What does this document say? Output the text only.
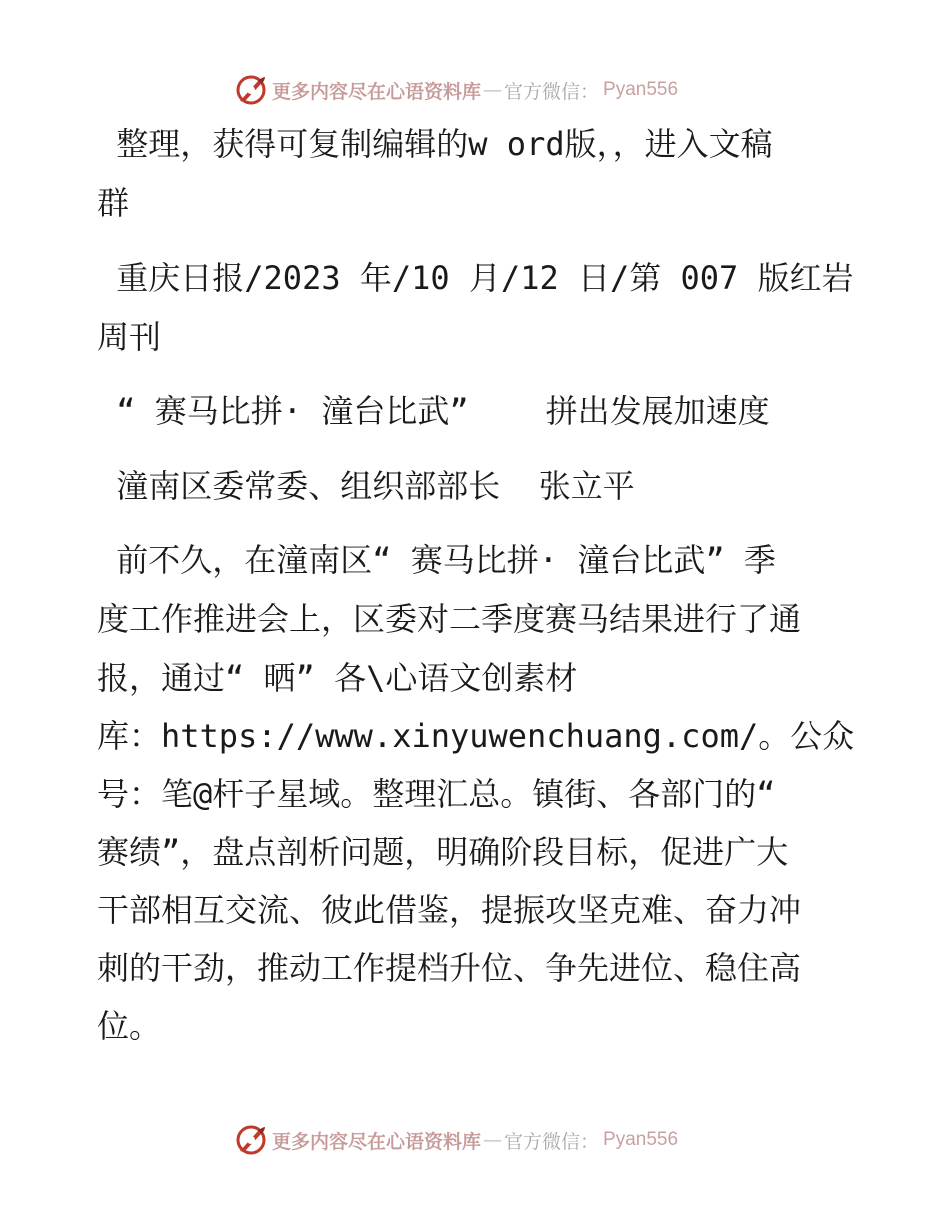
更多内容尽在心语资料库 — 官方微信： Pyan556
整理，获得可复制编辑的w ord版，，进入文稿
群
重庆日报/2023 年/10 月/12 日/第 007 版红岩
周刊
“ 赛马比拼· 潼台比武”    拼出发展加速度
潼南区委常委、组织部部长  张立平
前不久，在潼南区“ 赛马比拼· 潼台比武” 季
度工作推进会上，区委对二季度赛马结果进行了通
报，通过“ 晒” 各\心语文创素材
库：https://www.xinyuwenchuang.com/。公众
号：笔@杆子星域。整理汇总。镇街、各部门的“
赛绩”，盘点剖析问题，明确阶段目标，促进广大
干部相互交流、彼此借鉴，提振攻坚克难、奋力冲
刺的干劲，推动工作提档升位、争先进位、稳住高
位。
更多内容尽在心语资料库 — 官方微信： Pyan556
